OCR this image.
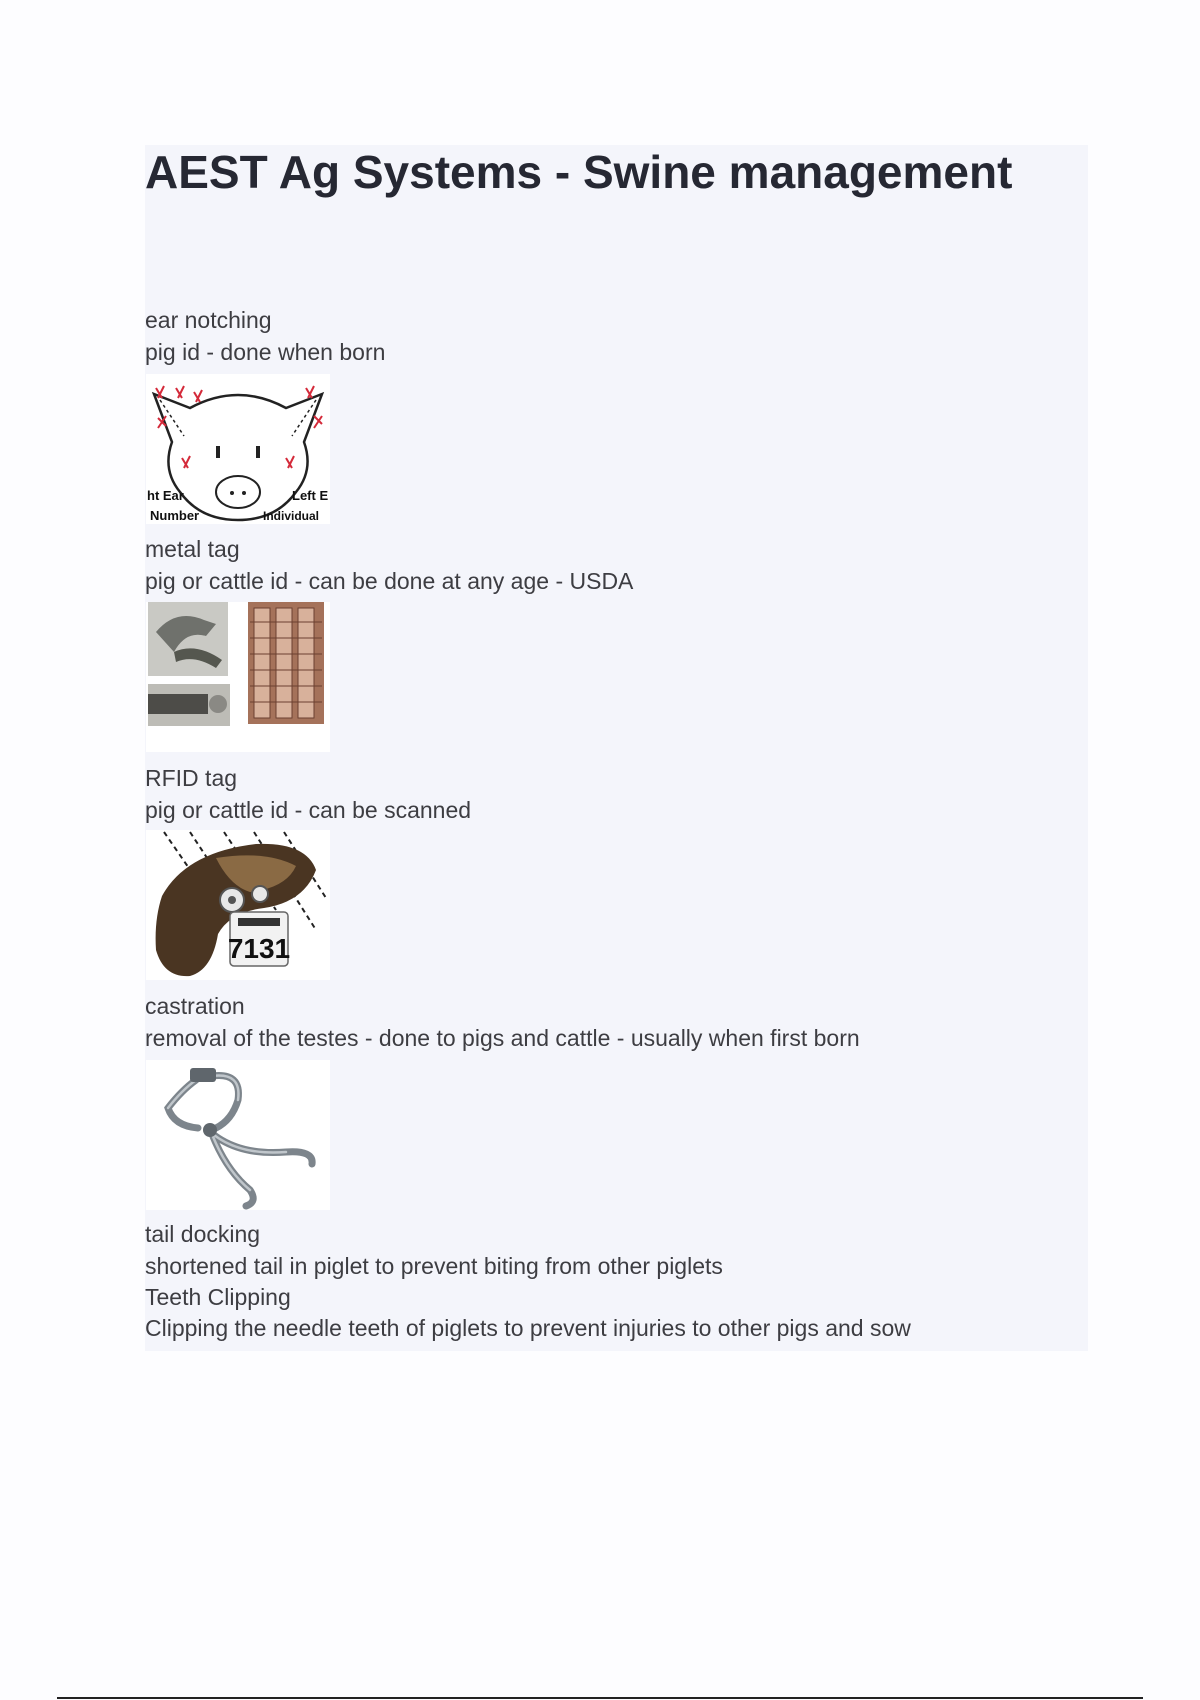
AEST Ag Systems - Swine management
ear notching
pig id - done when born
ht Ear
Number
Left E
Individual
metal tag
pig or cattle id - can be done at any age - USDA
RFID tag
pig or cattle id - can be scanned
7131
castration
removal of the testes - done to pigs and cattle - usually when first born
tail docking
shortened tail in piglet to prevent biting from other piglets
Teeth Clipping
Clipping the needle teeth of piglets to prevent injuries to other pigs and sow
